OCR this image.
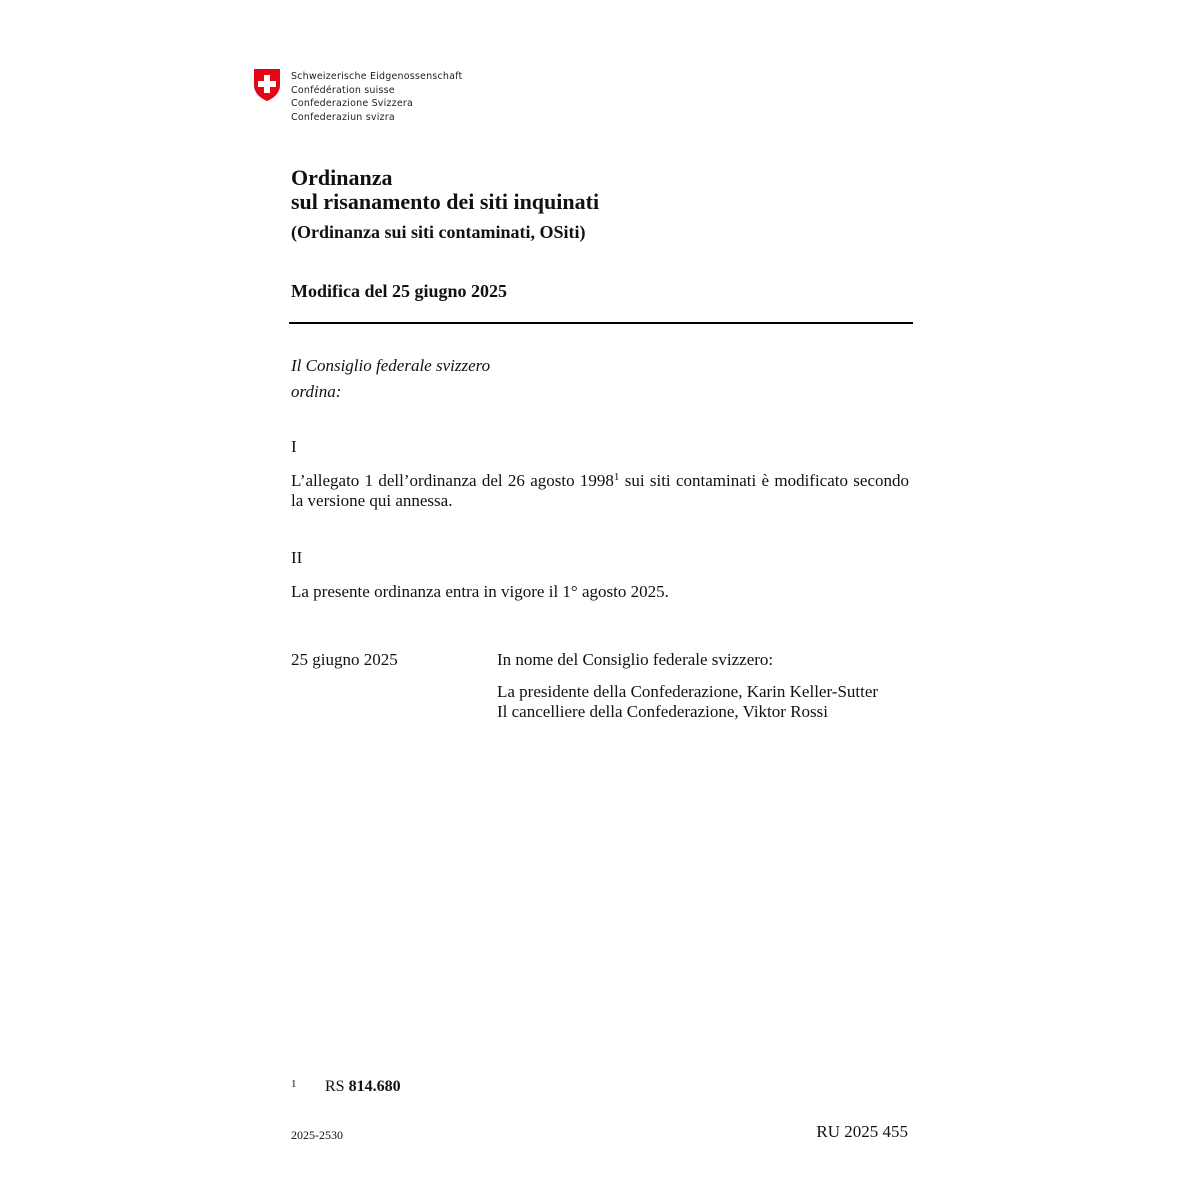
Schweizerische Eidgenossenschaft
Confédération suisse
Confederazione Svizzera
Confederaziun svizra
Ordinanza
sul risanamento dei siti inquinati
(Ordinanza sui siti contaminati, OSiti)
Modifica del 25 giugno 2025
Il Consiglio federale svizzero
ordina:
I
L’allegato 1 dell’ordinanza del 26 agosto 1998$^1$ sui siti contaminati è modificato secondo la versione qui annessa.
II
La presente ordinanza entra in vigore il 1° agosto 2025.
25 giugno 2025	In nome del Consiglio federale svizzero:
La presidente della Confederazione, Karin Keller-Sutter
Il cancelliere della Confederazione, Viktor Rossi
1 RS 814.680
2025-2530	RU 2025 455
